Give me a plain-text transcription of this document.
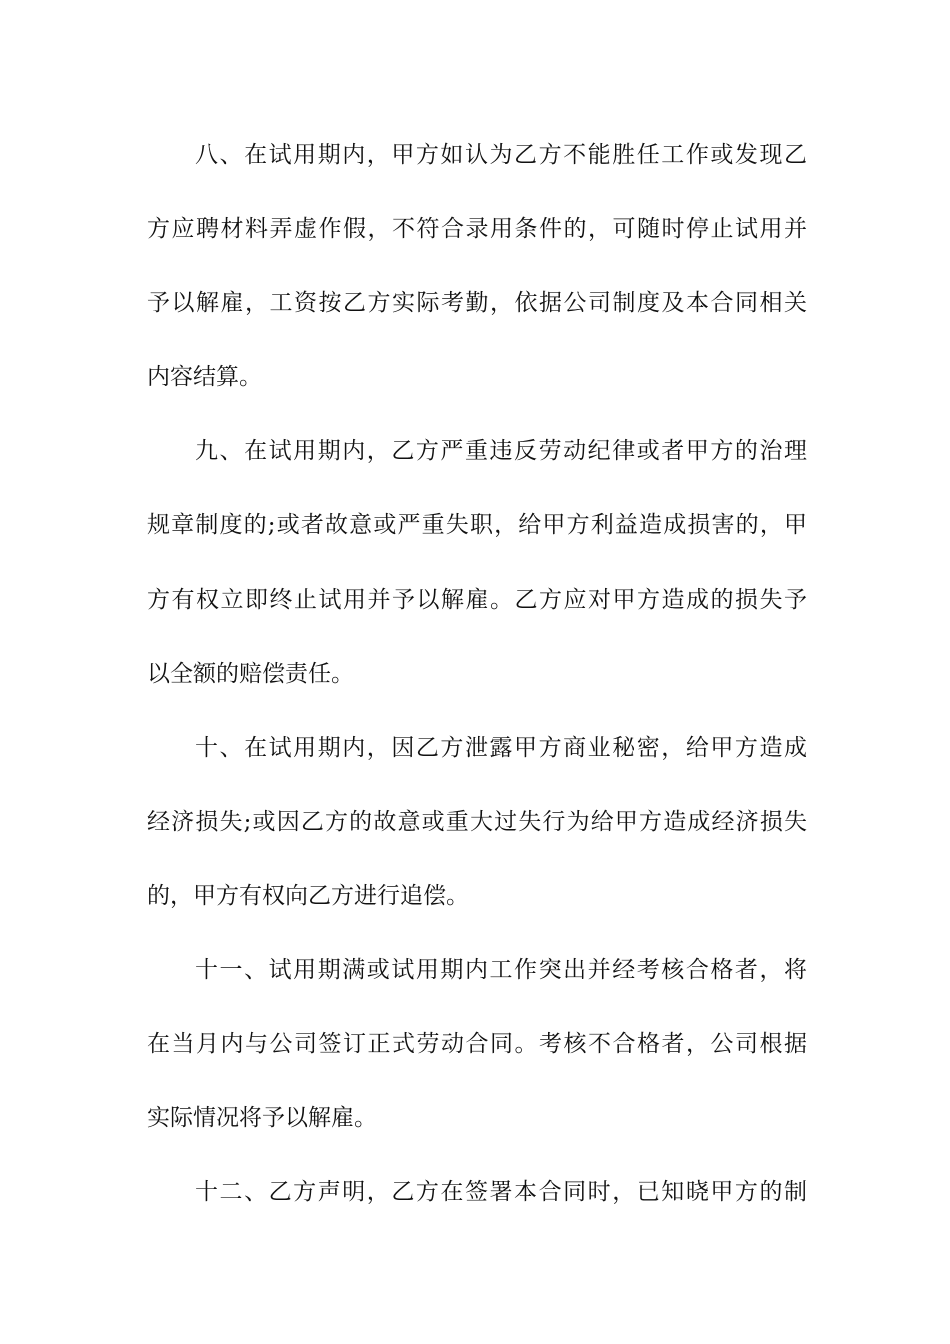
八、在试用期内，甲方如认为乙方不能胜任工作或发现乙
方应聘材料弄虚作假，不符合录用条件的，可随时停止试用并
予以解雇，工资按乙方实际考勤，依据公司制度及本合同相关
内容结算。
九、在试用期内，乙方严重违反劳动纪律或者甲方的治理
规章制度的;或者故意或严重失职，给甲方利益造成损害的，甲
方有权立即终止试用并予以解雇。乙方应对甲方造成的损失予
以全额的赔偿责任。
十、在试用期内，因乙方泄露甲方商业秘密，给甲方造成
经济损失;或因乙方的故意或重大过失行为给甲方造成经济损失
的，甲方有权向乙方进行追偿。
十一、试用期满或试用期内工作突出并经考核合格者，将
在当月内与公司签订正式劳动合同。考核不合格者，公司根据
实际情况将予以解雇。
十二、乙方声明，乙方在签署本合同时，已知晓甲方的制
